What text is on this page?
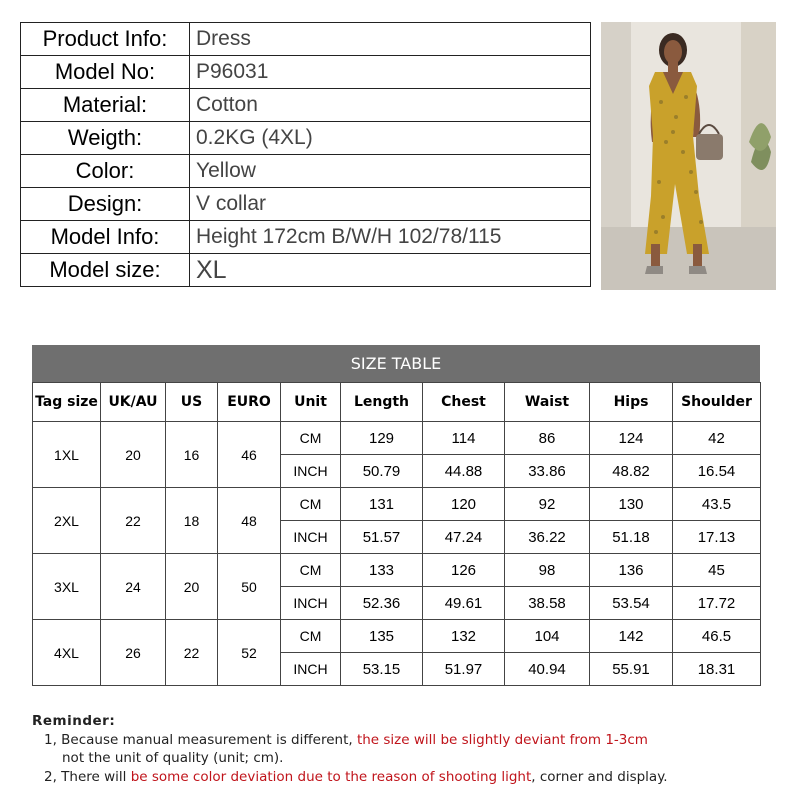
Product Info:	Dress
Model No:	P96031
Material:	Cotton
Weigth:	0.2KG (4XL)
Color:	Yellow
Design:	V collar
Model Info:	Height 172cm B/W/H 102/78/115
Model size:	XL
SIZE TABLE
Tag size	UK/AU	US	EURO	Unit	Length	Chest	Waist	Hips	Shoulder
1XL	20	16	46	CM	129	114	86	124	42
				INCH	50.79	44.88	33.86	48.82	16.54
2XL	22	18	48	CM	131	120	92	130	43.5
				INCH	51.57	47.24	36.22	51.18	17.13
3XL	24	20	50	CM	133	126	98	136	45
				INCH	52.36	49.61	38.58	53.54	17.72
4XL	26	22	52	CM	135	132	104	142	46.5
				INCH	53.15	51.97	40.94	55.91	18.31
Reminder:
1, Because manual measurement is different, the size will be slightly deviant from 1-3cm
not the unit of quality (unit; cm).
2, There will be some color deviation due to the reason of shooting light, corner and display.
